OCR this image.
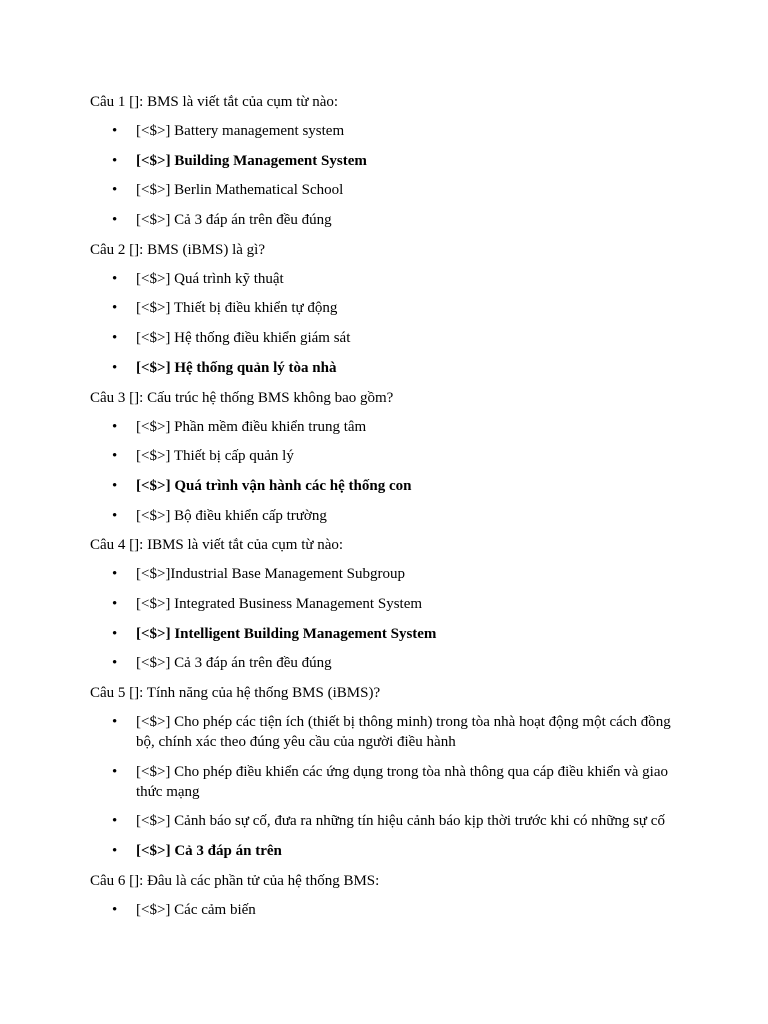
Câu 1 []: BMS là viết tắt của cụm từ nào:
•	[<$>] Battery management system
•	[<$>] Building Management System
•	[<$>] Berlin Mathematical School
•	[<$>] Cả 3 đáp án trên đều đúng
Câu 2 []: BMS (iBMS) là gì?
•	[<$>] Quá trình kỹ thuật
•	[<$>] Thiết bị điều khiển tự động
•	[<$>] Hệ thống điều khiển giám sát
•	[<$>] Hệ thống quản lý tòa nhà
Câu 3 []: Cấu trúc hệ thống BMS không bao gồm?
•	[<$>] Phần mềm điều khiển trung tâm
•	[<$>] Thiết bị cấp quản lý
•	[<$>] Quá trình vận hành các hệ thống con
•	[<$>] Bộ điều khiển cấp trường
Câu 4 []: IBMS là viết tắt của cụm từ nào:
•	[<$>]Industrial Base Management Subgroup
•	[<$>] Integrated Business Management System
•	[<$>] Intelligent Building Management System
•	[<$>] Cả 3 đáp án trên đều đúng
Câu 5 []: Tính năng của hệ thống BMS (iBMS)?
•	[<$>] Cho phép các tiện ích (thiết bị thông minh) trong tòa nhà hoạt động một cách đồng bộ, chính xác theo đúng yêu cầu của người điều hành
•	[<$>] Cho phép điều khiển các ứng dụng trong tòa nhà thông qua cáp điều khiển và giao thức mạng
•	[<$>] Cảnh báo sự cố, đưa ra những tín hiệu cảnh báo kịp thời trước khi có những sự cố
•	[<$>] Cả 3 đáp án trên
Câu 6 []: Đâu là các phần tử của hệ thống BMS:
•	[<$>] Các cảm biến
